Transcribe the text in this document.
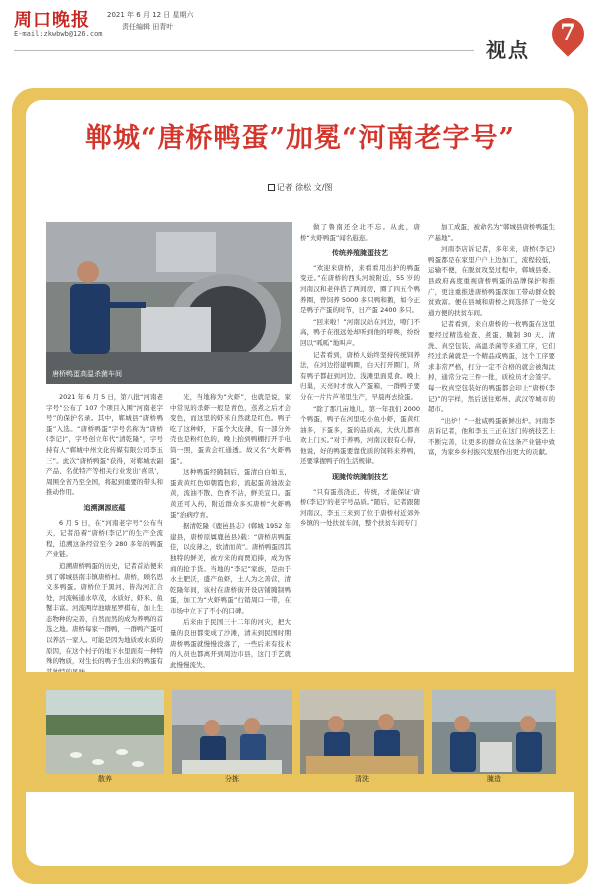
周口晚报
E-mail:zkwbwb@126.com
2021 年 6 月 12 日 星期六
责任编辑 田青叶
视点
7
郸城“唐桥鸭蛋”加冕“河南老字号”
记者 徐松 文/图
唐桥鸭蛋高温杀菌车间

2021 年 6 月 5 日，第八批“河南老字号”公布了 107 个项目入围“河南老字号”的保护名录。其中，郸城县“唐桥鸭蛋”入选。“唐桥鸭蛋”字号名称为“唐桥(李记)”，字号创立年代“清乾隆”，字号持有人“郸城中州文化传媒有限公司李玉三”。此次“唐桥鸭蛋”获得，对郸城农副产品、名优特产等相关行业发出‘喜讯’，周围全省乃至全国，将起到重要的带头和推动作用。

追溯渊源底蕴

6 月 5 日，在“河南老字号”公布当天，记者沿着“唐桥(李记)”的生产全流程，追溯这条经营至今 280 多年的鸭蛋产业链。

追溯唐桥鸭蛋的历史，记者首站便来到了郸城县南丰镇唐桥村。唐桥，顾名思义多鸭蛋。唐桥位于黑河、皆沟河汇合处，河流畅通水草茂，水质好、虾米、鱼蟹丰富。河流两岸池塘星罗棋布，加上生态物种的完善，自然而然的成为养鸭的首选之地。唐桥每家一群鸭，一群鸭产蛋可以养活一家人。可能是因为地质或水质的原因，在这个村子的地下水里面有一种特殊的物质，对生长的鸭子生出来的鸭蛋有

光，当地称为“火虾”，也就是说，家中常见的杀虾一般是青色，蒸煮之后才会变色，而这里的虾米自然就是红色。鸭子吃了这种虾，下蛋个大皮薄，有一部分外壳也是粉红色的，晚上抬到鸭棚打开手电筒一照，蛋黄会红通透。故又名“火虾鸭蛋”。

这种鸭蛋经腌制后，蛋清白白如玉，蛋黄黄红色如朝霞色彩，流起蛋黄油浓金黄，流油不散、色香不沾，鲜美宜口。蛋黄还可入药，附近群众多买唐桥“火虾鸭蛋”治病疗育。

据清乾隆《鹿邑县志》(郸城 1952 年建县，唐桥原属鹿邑县)载：“唐桥店鸭蛋佳，以皮薄之，软清而黄”。唐桥鸭蛋因其独特的鲜美，被方来的商贾追捧，成为客商的抢手货。当地的“李记”家族，是由于水土肥沃，盛产鱼虾，土人为之善营，清乾隆年间，该村在唐桥街开设店铺腌制鸭蛋，加工为“火虾鸭蛋”行销周口一带，在市场中立下了不小的口碑。

后来由于民国三十二年的河灾，把大量的良田都变成了沙滩，清末到民国时期唐桥鸭蛋就慢慢没落了，一些后来有技术的人员也都离开到周边市县，这门手艺就此慢慢流失。

做了鲁南还全北不忘。从此，唐桥“火虾鸭蛋”闻名遐迩。

传统养殖腌蛋技艺

“欢迎来唐桥，来看看用出护的鸭蛋变迁。”在唐桥的西头河坡附近，55 岁的河南汉和老伴搭了两间房，圈了四五个鸭养圈，曾饲养 5000 多只鸭和鹅，如今正是鸭子产蛋的时节，日产蛋 2400 多只。

“回来啦！”河南汉站在河边，嘹门不高，鸭子在很远处却听到他的呼唤，纷纷回以“呱呱”地叫声。

记者看到，唐桥人始终坚持传统饲养法，在河边搭建鸭圈，白天打开圈门，所有鸭子都赶到河边、浅滩里面觅食。晚上归巢，天亮时才放入产蛋箱，一群鸭子要分在一片片芦苇里生产，早晨再去捡蛋。

“除了那几亩地儿，第一年我们 2000 个鸭蛋，鸭子在河里吃小鱼小虾，蛋黄红油多，下蛋多，蛋的品质高，大伙儿都喜欢上门买。”对于养鸭，河南汉很有心得，他说，好的鸭蛋要靠优质的饲料来养鸭，还要掌握鸭子的生活规律。

现腌传统腌制技艺

“只有蛋蒸浇正、传统，才能保证‘唐桥(李记)’的老字号品质。”随后，记者跟随河南汉、李玉三来到了位于唐桥村近郊外乡镇的一处扶贫车间，整个扶贫车间专门

加工成蛋，被命名为“郸城县唐桥鸭蛋生产基地”。

河南李店诉记者，多年来，唐桥(李记)鸭蛋都是在家里户户上边加工，流程较低，运输不便，在脱贫攻坚过程中，郸城县委、县政府高度重视唐桥鸭蛋的品牌保护和推广，更注重推进唐桥鸭蛋深加工带动群众脱贫致富。便在县城和唐桥之间选择了一处交通方便的扶贫车间。

记者看到，来自唐桥的一枚鸭蛋在这里要经过精选检查、煮蛋、腌制 30 天、清洗、真空包装、高温杀菌等多道工序，它们经过杀菌就是一个精品咸鸭蛋，这个工序要求非常严格，打分一定不合格的就会被淘汰掉，通常分完三件一批，质检员才会签字。每一枚真空包装好的鸭蛋都会印上“唐桥(李记)”的字样，然后送往郑州、武汉等城市的超市。

“出炉！”一批咸鸭蛋新鲜出炉。河南李店诉记者，他和李玉三正在这门传统技艺上不断完善，让更多的群众在这条产业链中致富，为家乡乡村振兴发展作出更大的贡献。

散养	分拣	清洗	腌造
